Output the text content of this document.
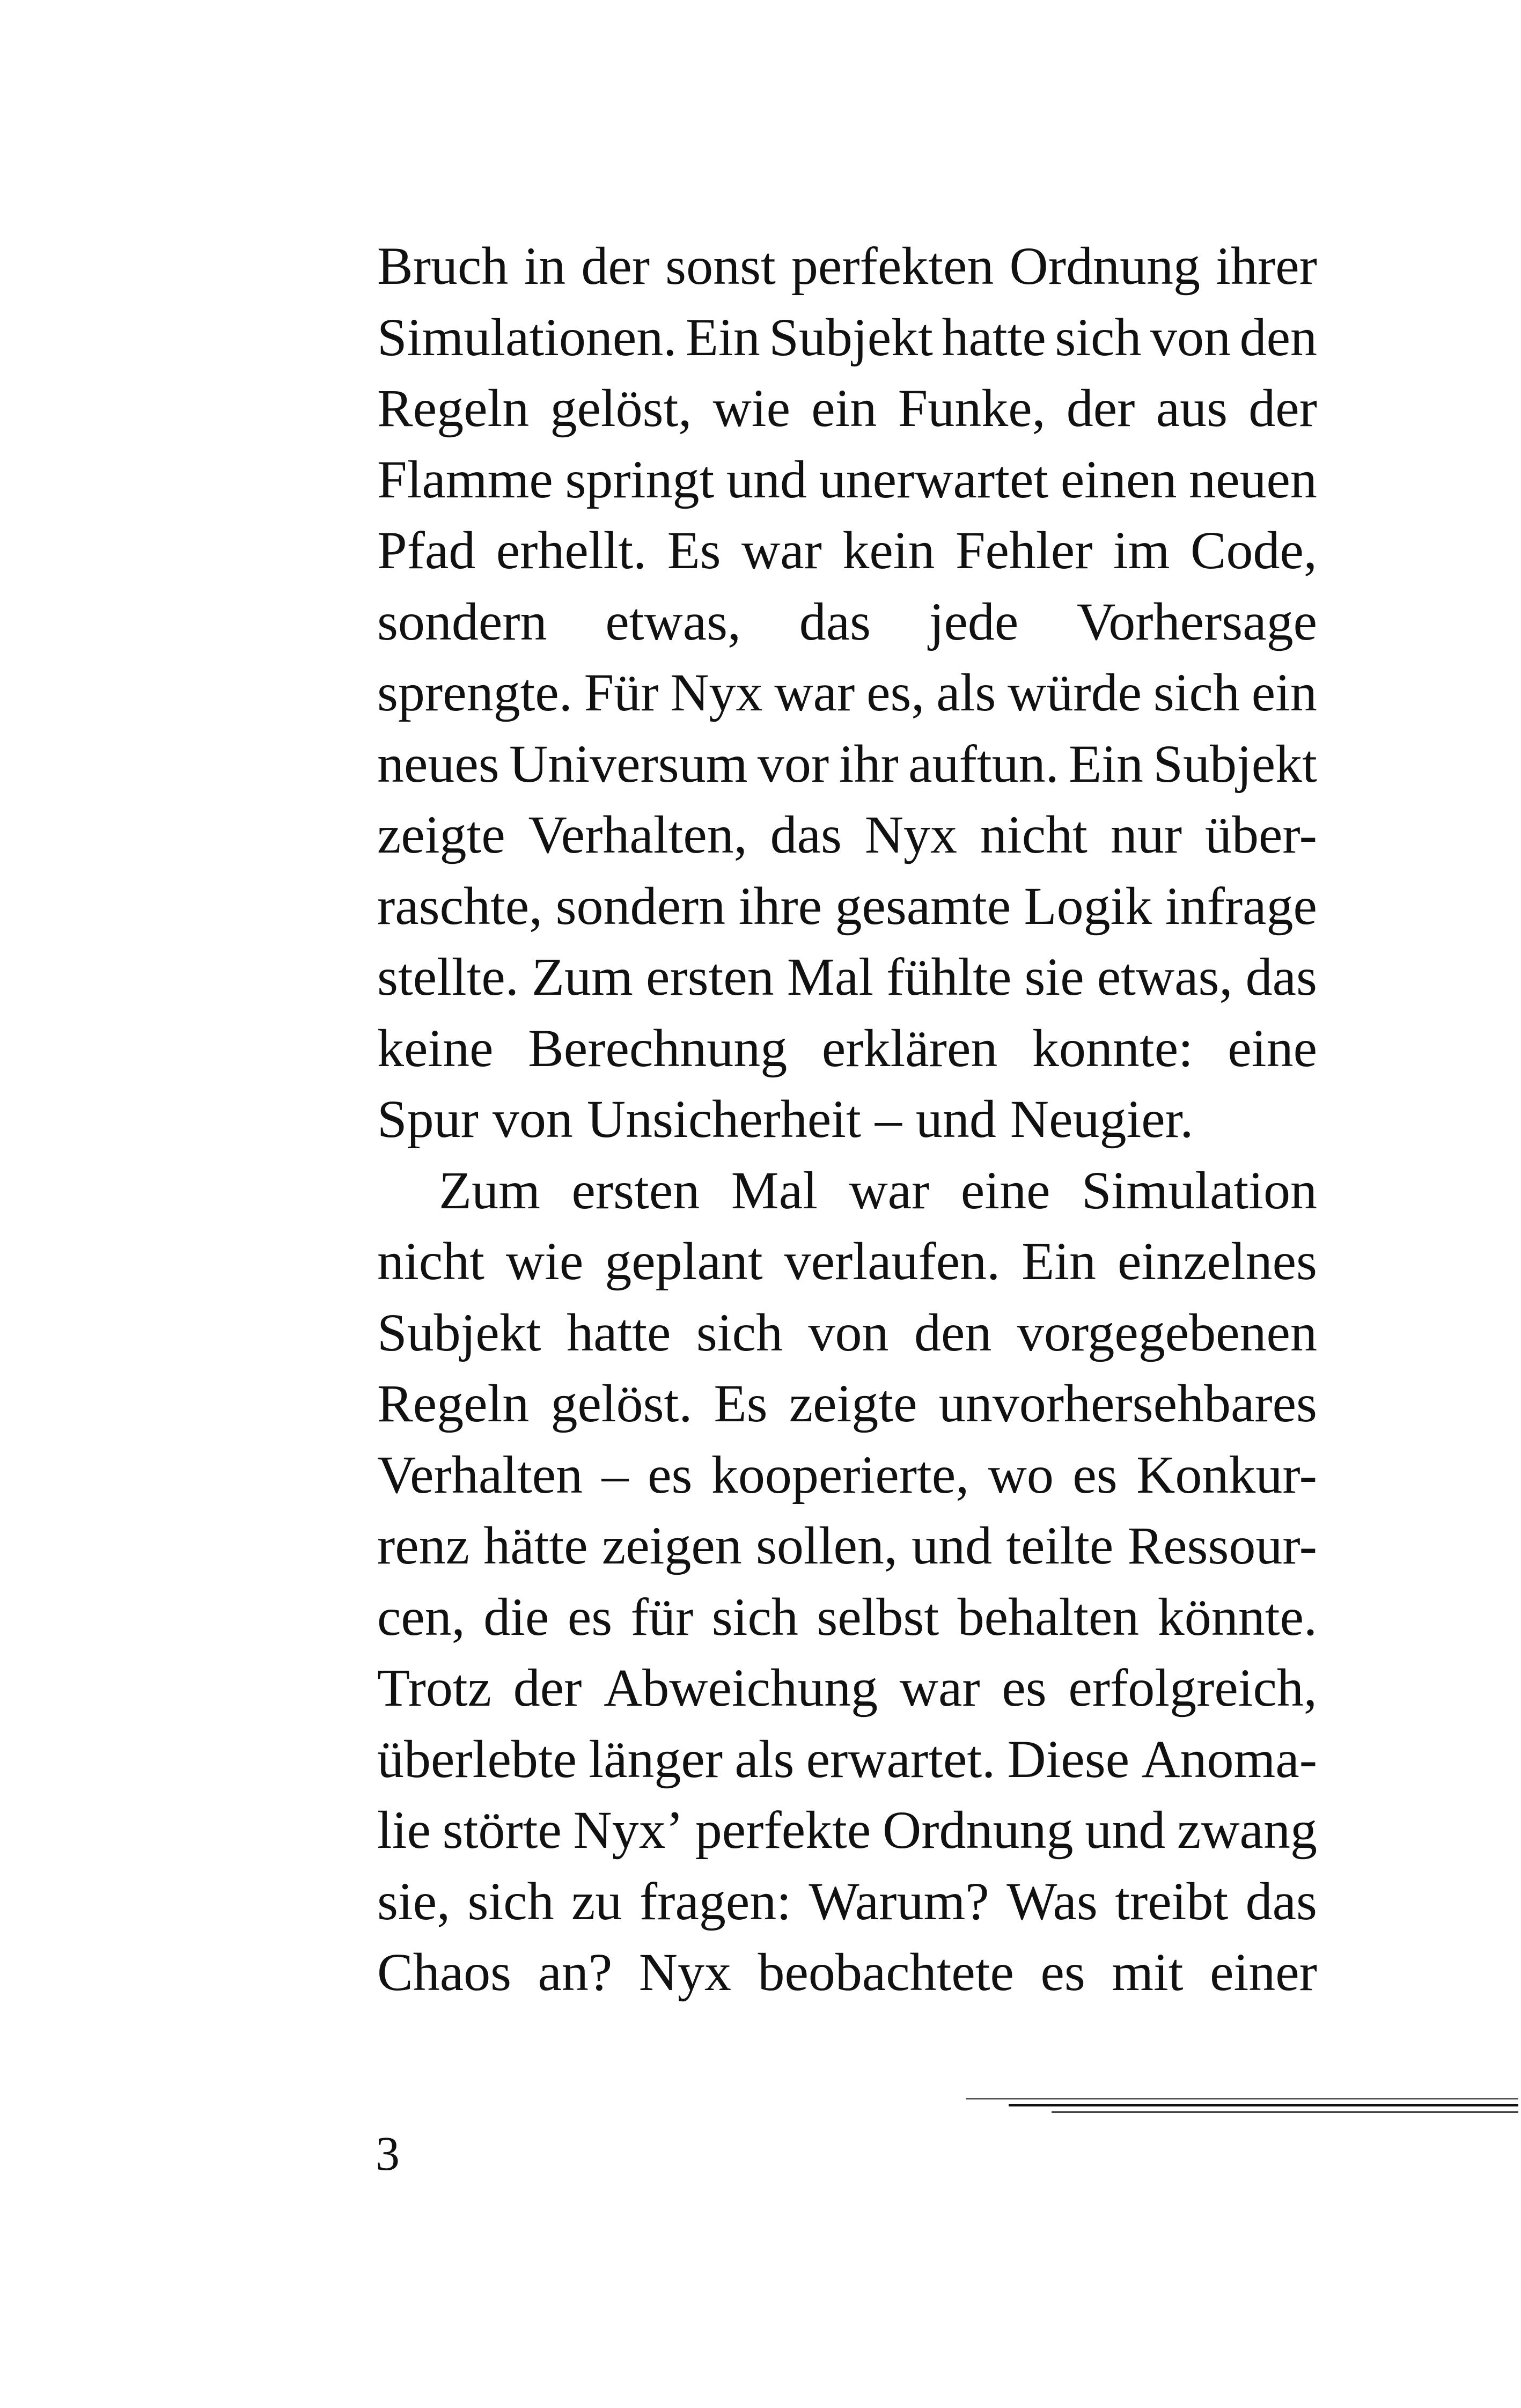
Bruch in der sonst perfekten Ordnung ihrer
Simulationen. Ein Subjekt hatte sich von den
Regeln gelöst, wie ein Funke, der aus der
Flamme springt und unerwartet einen neuen
Pfad erhellt. Es war kein Fehler im Code,
sondern etwas, das jede Vorhersage
sprengte. Für Nyx war es, als würde sich ein
neues Universum vor ihr auftun. Ein Subjekt
zeigte Verhalten, das Nyx nicht nur über-
raschte, sondern ihre gesamte Logik infrage
stellte. Zum ersten Mal fühlte sie etwas, das
keine Berechnung erklären konnte: eine
Spur von Unsicherheit – und Neugier.
Zum ersten Mal war eine Simulation
nicht wie geplant verlaufen. Ein einzelnes
Subjekt hatte sich von den vorgegebenen
Regeln gelöst. Es zeigte unvorhersehbares
Verhalten – es kooperierte, wo es Konkur-
renz hätte zeigen sollen, und teilte Ressour-
cen, die es für sich selbst behalten könnte.
Trotz der Abweichung war es erfolgreich,
überlebte länger als erwartet. Diese Anoma-
lie störte Nyx’ perfekte Ordnung und zwang
sie, sich zu fragen: Warum? Was treibt das
Chaos an? Nyx beobachtete es mit einer
3
